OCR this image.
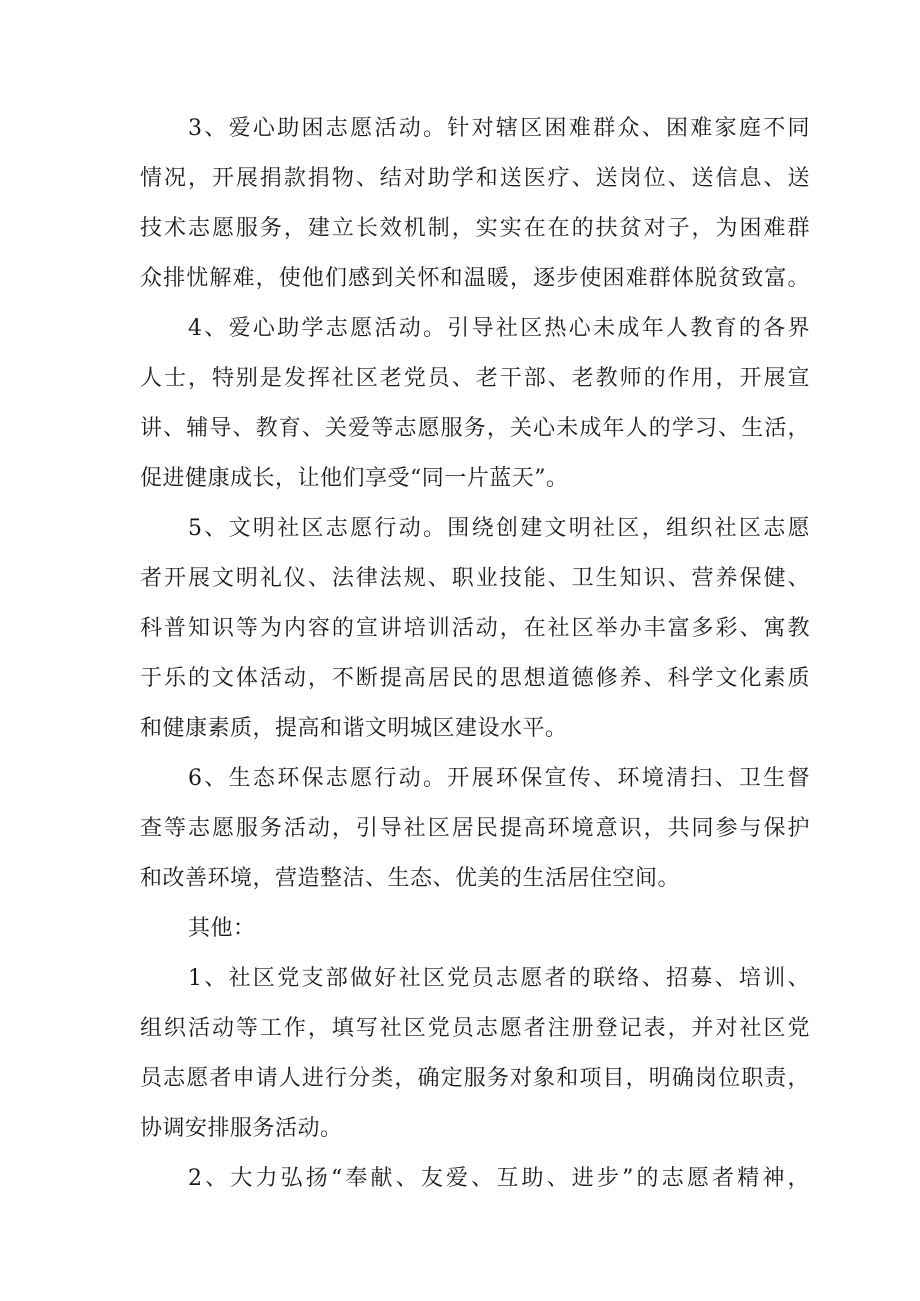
3、爱心助困志愿活动。针对辖区困难群众、困难家庭不同
情况，开展捐款捐物、结对助学和送医疗、送岗位、送信息、送
技术志愿服务，建立长效机制，实实在在的扶贫对子，为困难群
众排忧解难，使他们感到关怀和温暖，逐步使困难群体脱贫致富。
4、爱心助学志愿活动。引导社区热心未成年人教育的各界
人士，特别是发挥社区老党员、老干部、老教师的作用，开展宣
讲、辅导、教育、关爱等志愿服务，关心未成年人的学习、生活，
促进健康成长，让他们享受“同一片蓝天”。
5、文明社区志愿行动。围绕创建文明社区，组织社区志愿
者开展文明礼仪、法律法规、职业技能、卫生知识、营养保健、
科普知识等为内容的宣讲培训活动，在社区举办丰富多彩、寓教
于乐的文体活动，不断提高居民的思想道德修养、科学文化素质
和健康素质，提高和谐文明城区建设水平。
6、生态环保志愿行动。开展环保宣传、环境清扫、卫生督
查等志愿服务活动，引导社区居民提高环境意识，共同参与保护
和改善环境，营造整洁、生态、优美的生活居住空间。
其他：
1、社区党支部做好社区党员志愿者的联络、招募、培训、
组织活动等工作，填写社区党员志愿者注册登记表，并对社区党
员志愿者申请人进行分类，确定服务对象和项目，明确岗位职责，
协调安排服务活动。
2、大力弘扬“奉献、友爱、互助、进步”的志愿者精神，
